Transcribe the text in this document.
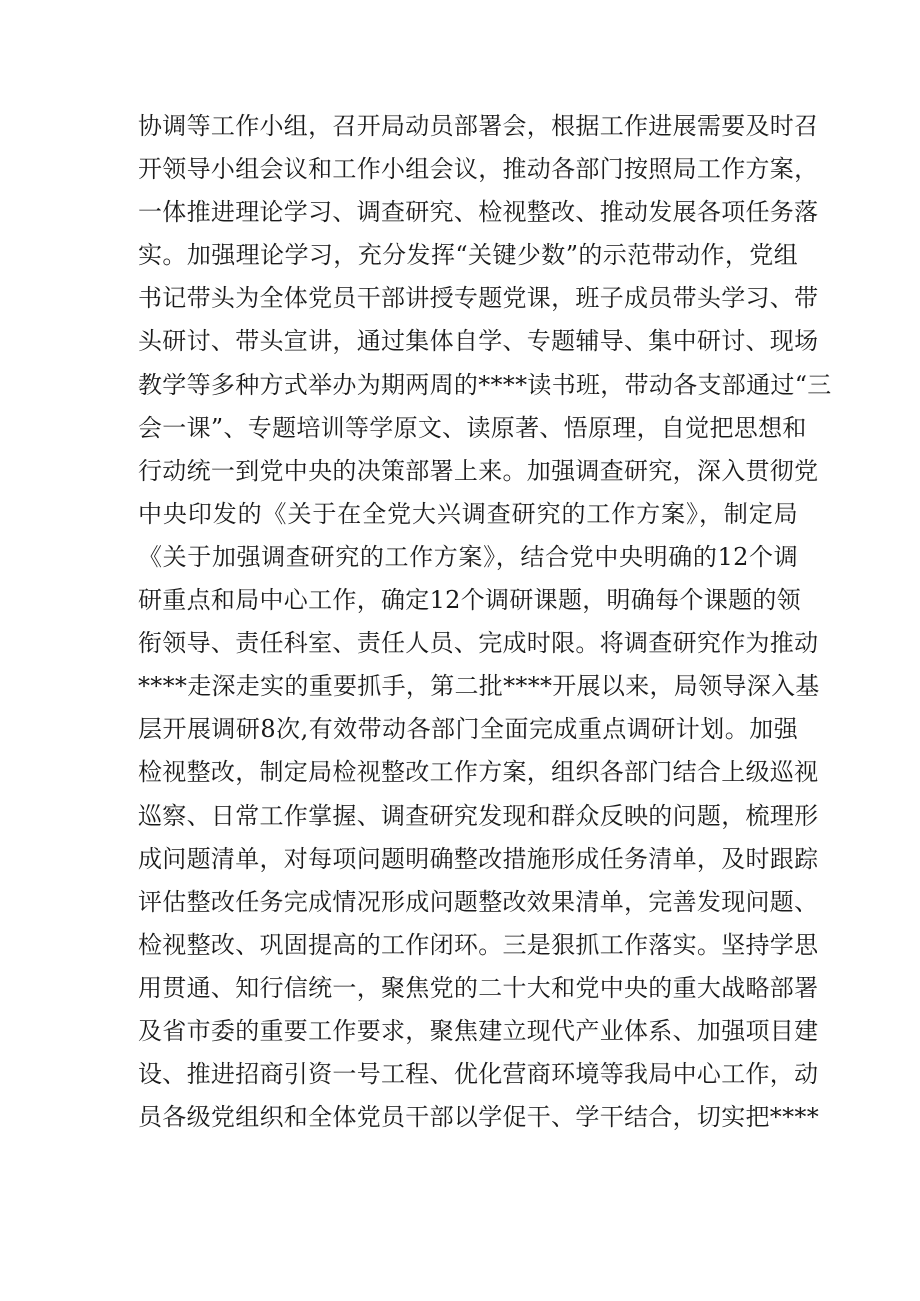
协调等工作小组，召开局动员部署会，根据工作进展需要及时召
开领导小组会议和工作小组会议，推动各部门按照局工作方案，
一体推进理论学习、调查研究、检视整改、推动发展各项任务落
实。加强理论学习，充分发挥“关键少数”的示范带动作，党组
书记带头为全体党员干部讲授专题党课，班子成员带头学习、带
头研讨、带头宣讲，通过集体自学、专题辅导、集中研讨、现场
教学等多种方式举办为期两周的****读书班，带动各支部通过“三
会一课”、专题培训等学原文、读原著、悟原理，自觉把思想和
行动统一到党中央的决策部署上来。加强调查研究，深入贯彻党
中央印发的《关于在全党大兴调查研究的工作方案》，制定局
《关于加强调查研究的工作方案》，结合党中央明确的12个调
研重点和局中心工作，确定12个调研课题，明确每个课题的领
衔领导、责任科室、责任人员、完成时限。将调查研究作为推动
****走深走实的重要抓手，第二批****开展以来，局领导深入基
层开展调研8次,有效带动各部门全面完成重点调研计划。加强
检视整改，制定局检视整改工作方案，组织各部门结合上级巡视
巡察、日常工作掌握、调查研究发现和群众反映的问题，梳理形
成问题清单，对每项问题明确整改措施形成任务清单，及时跟踪
评估整改任务完成情况形成问题整改效果清单，完善发现问题、
检视整改、巩固提高的工作闭环。三是狠抓工作落实。坚持学思
用贯通、知行信统一，聚焦党的二十大和党中央的重大战略部署
及省市委的重要工作要求，聚焦建立现代产业体系、加强项目建
设、推进招商引资一号工程、优化营商环境等我局中心工作，动
员各级党组织和全体党员干部以学促干、学干结合，切实把****
